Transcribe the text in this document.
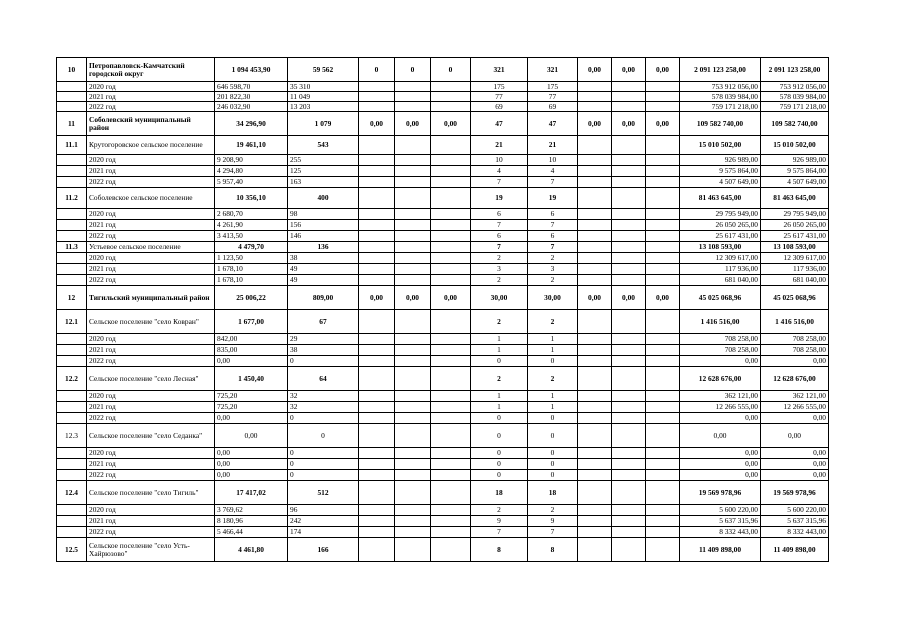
10	Петропавловск-Камчатский городской округ	1 094 453,90	59 562	0	0	0	321	321	0,00	0,00	0,00	2 091 123 258,00	2 091 123 258,00
	2020 год	646 598,70	35 310				175	175				753 912 056,00	753 912 056,00
	2021 год	201 822,30	11 049				77	77				578 039 984,00	578 039 984,00
	2022 год	246 032,90	13 203				69	69				759 171 218,00	759 171 218,00
11	Соболевский муниципальный район	34 296,90	1 079	0,00	0,00	0,00	47	47	0,00	0,00	0,00	109 582 740,00	109 582 740,00
11.1	Крутогоровское сельское поселение	19 461,10	543				21	21				15 010 502,00	15 010 502,00
	2020 год	9 208,90	255				10	10				926 989,00	926 989,00
	2021 год	4 294,80	125				4	4				9 575 864,00	9 575 864,00
	2022 год	5 957,40	163				7	7				4 507 649,00	4 507 649,00
11.2	Соболевское сельское поселение	10 356,10	400				19	19				81 463 645,00	81 463 645,00
	2020 год	2 680,70	98				6	6				29 795 949,00	29 795 949,00
	2021 год	4 261,90	156				7	7				26 050 265,00	26 050 265,00
	2022 год	3 413,50	146				6	6				25 617 431,00	25 617 431,00
11.3	Устьевое сельское поселение	4 479,70	136				7	7				13 108 593,00	13 108 593,00
	2020 год	1 123,50	38				2	2				12 309 617,00	12 309 617,00
	2021 год	1 678,10	49				3	3				117 936,00	117 936,00
	2022 год	1 678,10	49				2	2				681 040,00	681 040,00
12	Тигильский муниципальный район	25 006,22	809,00	0,00	0,00	0,00	30,00	30,00	0,00	0,00	0,00	45 025 068,96	45 025 068,96
12.1	Сельское поселение "село Ковран"	1 677,00	67				2	2				1 416 516,00	1 416 516,00
	2020 год	842,00	29				1	1				708 258,00	708 258,00
	2021 год	835,00	38				1	1				708 258,00	708 258,00
	2022 год	0,00	0				0	0				0,00	0,00
12.2	Сельское поселение "село Лесная"	1 450,40	64				2	2				12 628 676,00	12 628 676,00
	2020 год	725,20	32				1	1				362 121,00	362 121,00
	2021 год	725,20	32				1	1				12 266 555,00	12 266 555,00
	2022 год	0,00	0				0	0				0,00	0,00
12.3	Сельское поселение "село Седанка"	0,00	0				0	0				0,00	0,00
	2020 год	0,00	0				0	0				0,00	0,00
	2021 год	0,00	0				0	0				0,00	0,00
	2022 год	0,00	0				0	0				0,00	0,00
12.4	Сельское поселение "село Тигиль"	17 417,02	512				18	18				19 569 978,96	19 569 978,96
	2020 год	3 769,62	96				2	2				5 600 220,00	5 600 220,00
	2021 год	8 180,96	242				9	9				5 637 315,96	5 637 315,96
	2022 год	5 466,44	174				7	7				8 332 443,00	8 332 443,00
12.5	Сельское поселение "село Усть-Хайрюзово"	4 461,80	166				8	8				11 409 898,00	11 409 898,00
